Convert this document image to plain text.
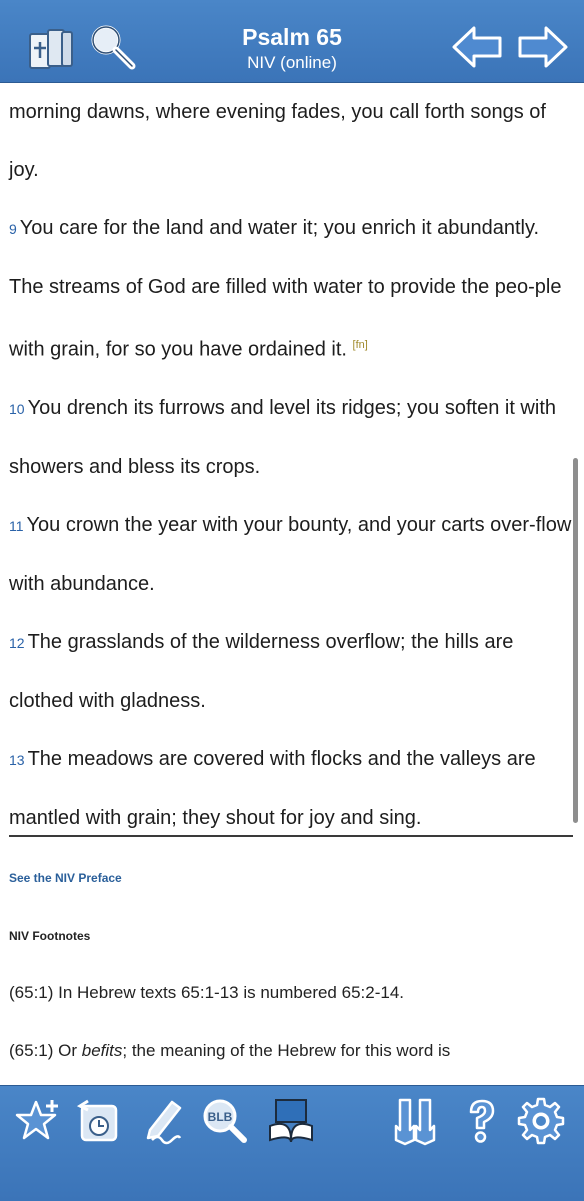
Psalm 65
NIV (online)

morning dawns, where evening fades, you call forth songs of joy.

9 You care for the land and water it; you enrich it abundantly. The streams of God are filled with water to provide the peo-ple with grain, for so you have ordained it. [fn]

10 You drench its furrows and level its ridges; you soften it with showers and bless its crops.

11 You crown the year with your bounty, and your carts over-flow with abundance.

12 The grasslands of the wilderness overflow; the hills are clothed with gladness.

13 The meadows are covered with flocks and the valleys are mantled with grain; they shout for joy and sing.

See the NIV Preface
NIV Footnotes
(65:1) In Hebrew texts 65:1-13 is numbered 65:2-14.
(65:1) Or befits; the meaning of the Hebrew for this word is
BLB
